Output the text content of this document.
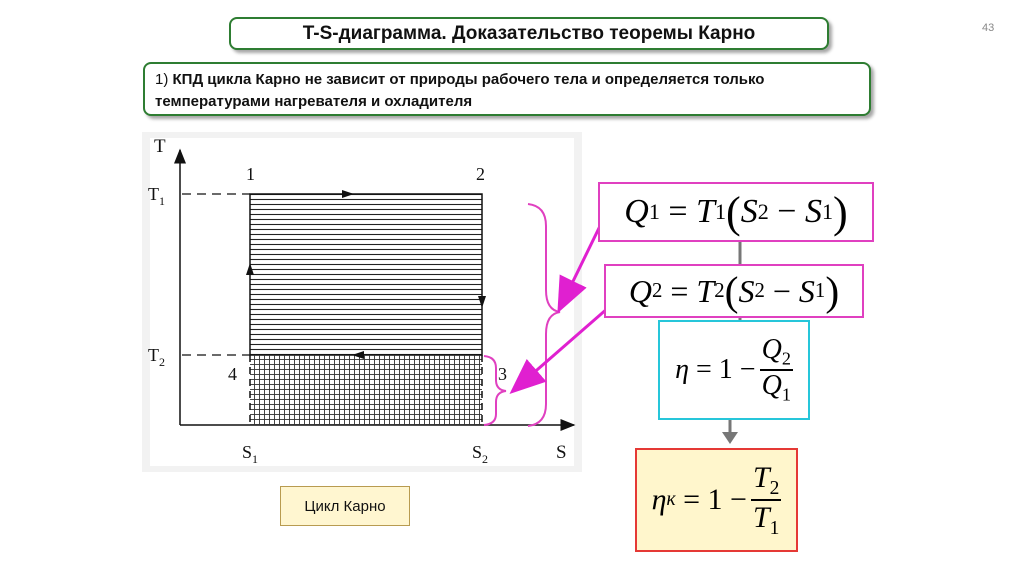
T-S-диаграмма. Доказательство теоремы Карно	43
1) КПД цикла Карно не зависит от природы рабочего тела и определяется только температурами нагревателя и охладителя
T
S
$T_1$
$T_2$
$S_1$	$S_2$
1	2
3
4
Цикл Карно
Q 1 = T 1 ( S 2 − S 1 )
Q 2 = T 2 ( S 2 − S 1 )
η
= $1 - \frac{Q_2}{Q_1}$
η к
= $1 - \frac{T_2}{T_1}$
